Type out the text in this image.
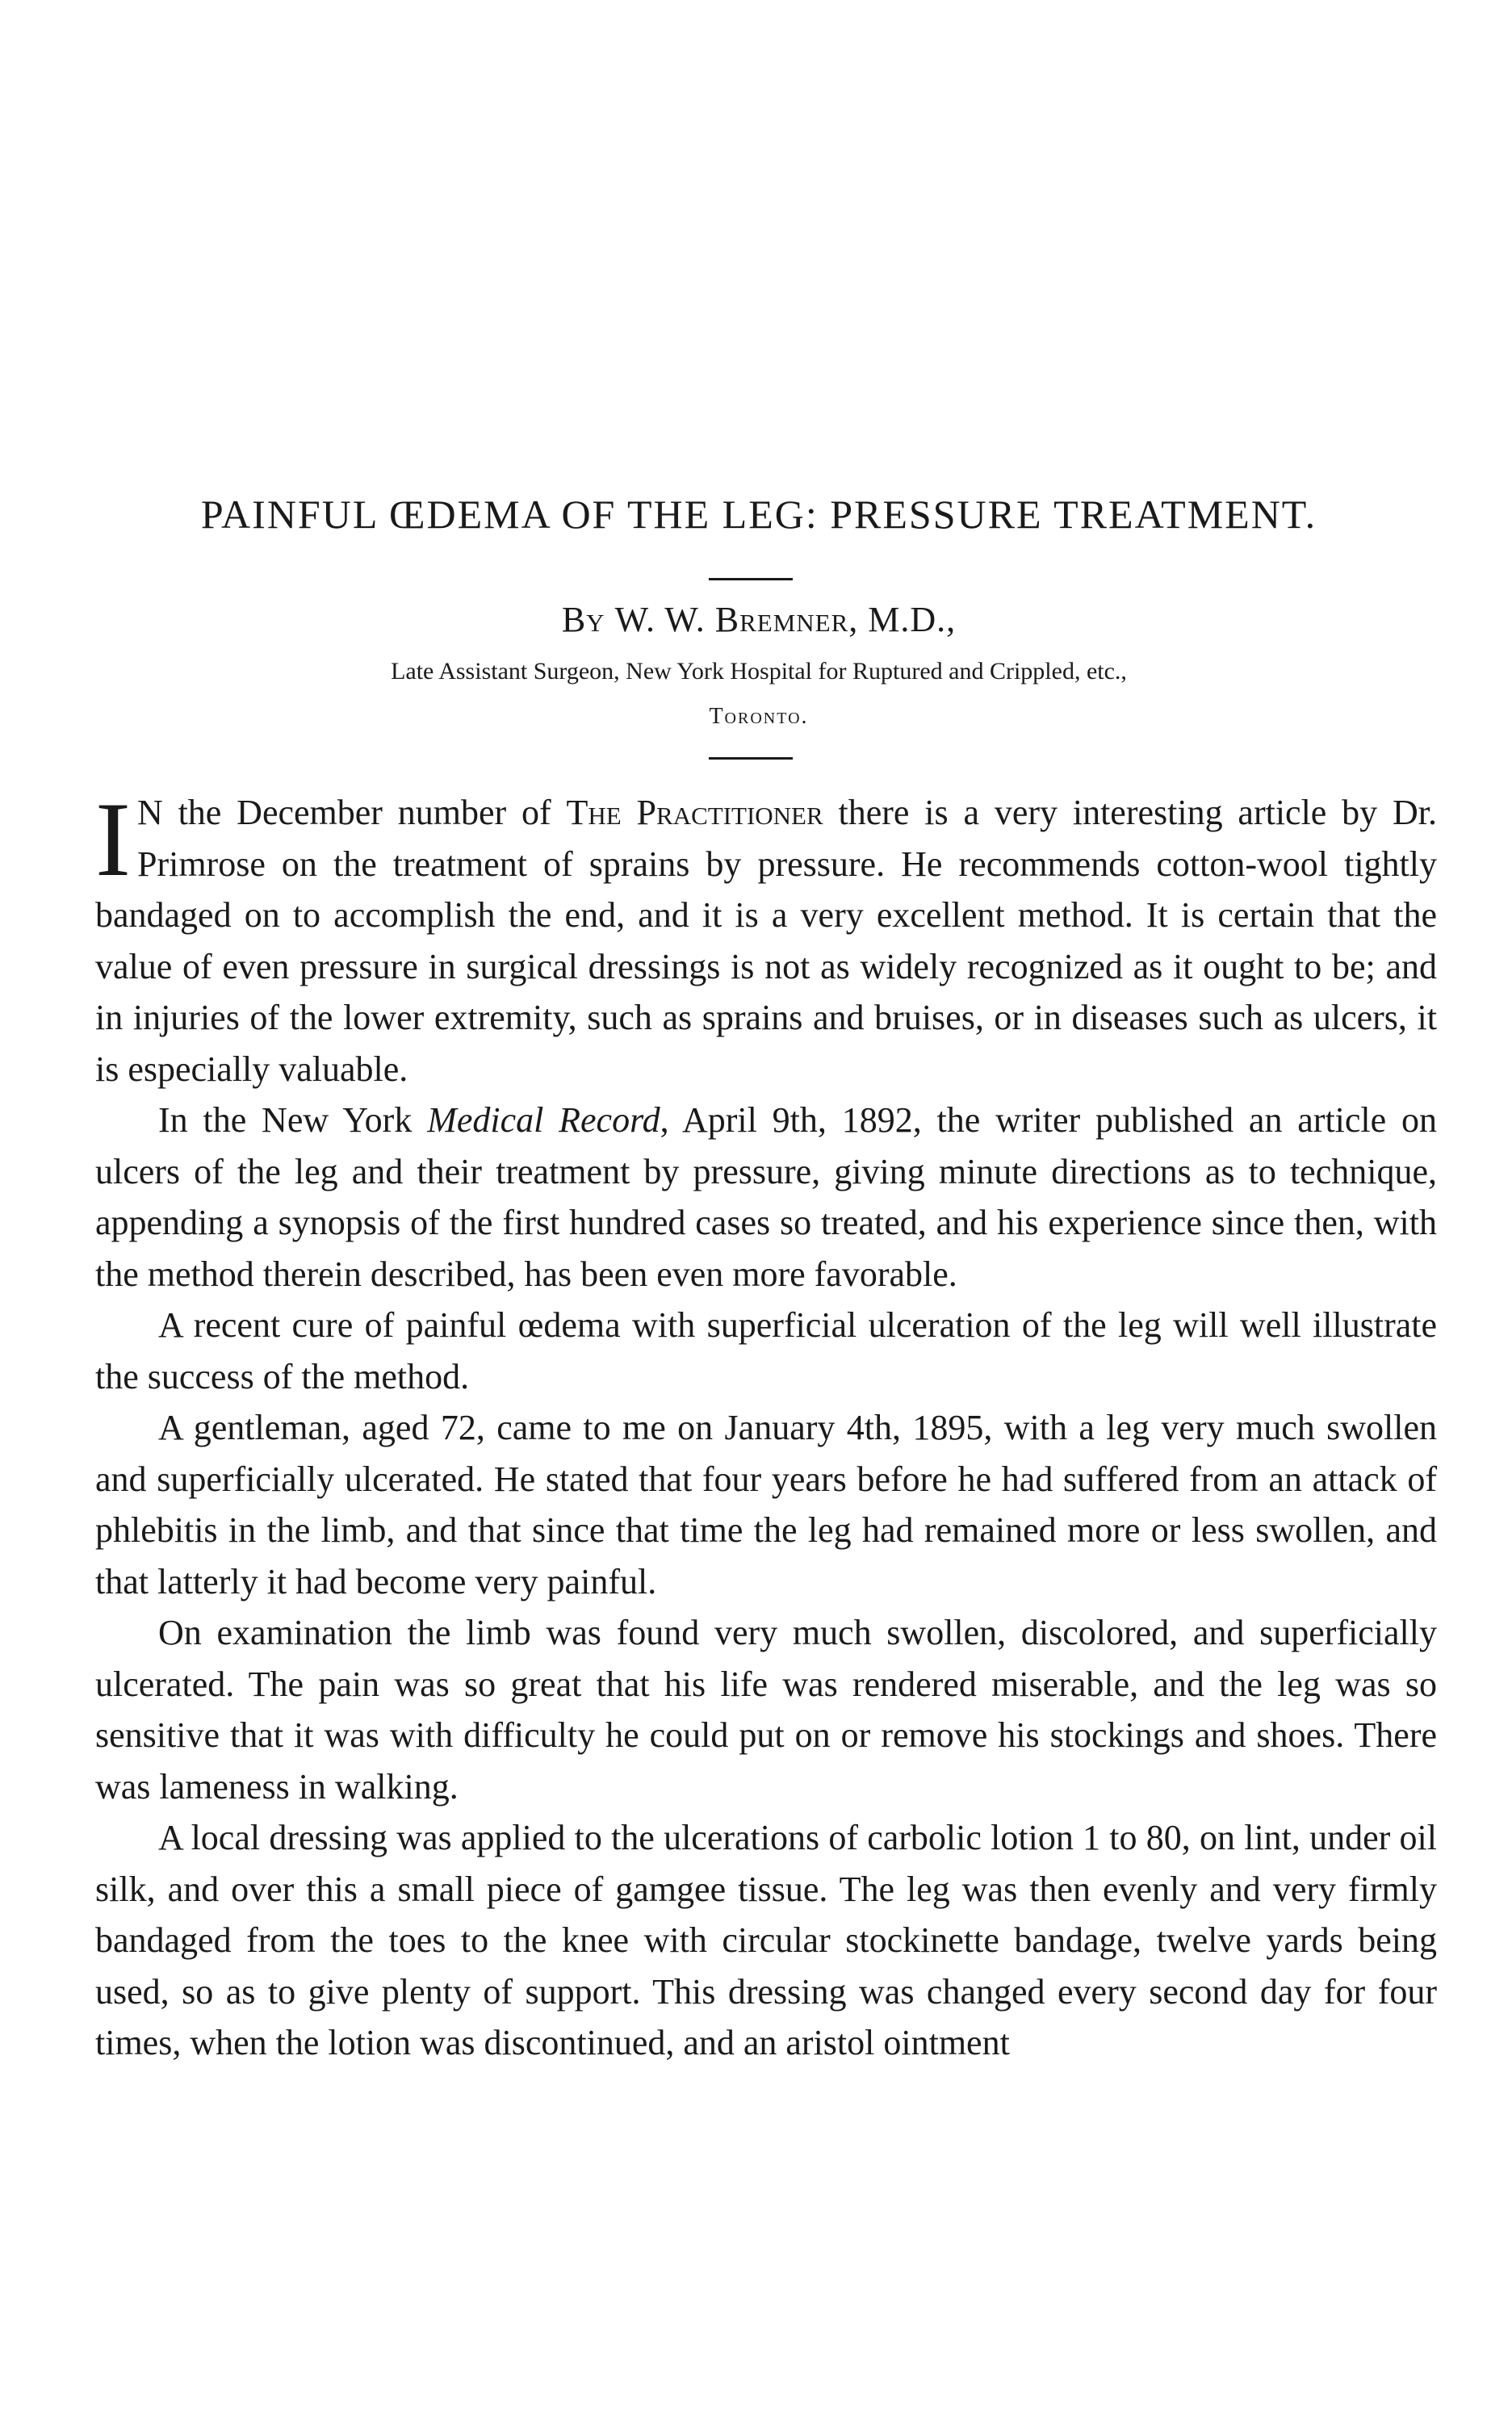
PAINFUL ŒDEMA OF THE LEG: PRESSURE TREATMENT.
By W. W. Bremner, M.D.,
Late Assistant Surgeon, New York Hospital for Ruptured and Crippled, etc.,
Toronto.

I N the December number of The Practitioner there is a very interesting article by Dr. Primrose on the treatment of sprains by pressure. He recommends cotton-wool tightly bandaged on to accomplish the end, and it is a very excellent method. It is certain that the value of even pressure in surgical dressings is not as widely recognized as it ought to be; and in injuries of the lower extremity, such as sprains and bruises, or in diseases such as ulcers, it is especially valuable.

In the New York Medical Record, April 9th, 1892, the writer published an article on ulcers of the leg and their treatment by pressure, giving minute directions as to technique, appending a synopsis of the first hundred cases so treated, and his experience since then, with the method therein described, has been even more favorable.

A recent cure of painful œdema with superficial ulceration of the leg will well illustrate the success of the method.

A gentleman, aged 72, came to me on January 4th, 1895, with a leg very much swollen and superficially ulcerated. He stated that four years before he had suffered from an attack of phlebitis in the limb, and that since that time the leg had remained more or less swollen, and that latterly it had become very painful.

On examination the limb was found very much swollen, discolored, and superficially ulcerated. The pain was so great that his life was rendered miserable, and the leg was so sensitive that it was with difficulty he could put on or remove his stockings and shoes. There was lameness in walking.

A local dressing was applied to the ulcerations of carbolic lotion 1 to 80, on lint, under oil silk, and over this a small piece of gamgee tissue. The leg was then evenly and very firmly bandaged from the toes to the knee with circular stockinette bandage, twelve yards being used, so as to give plenty of support. This dressing was changed every second day for four times, when the lotion was discontinued, and an aristol ointment
